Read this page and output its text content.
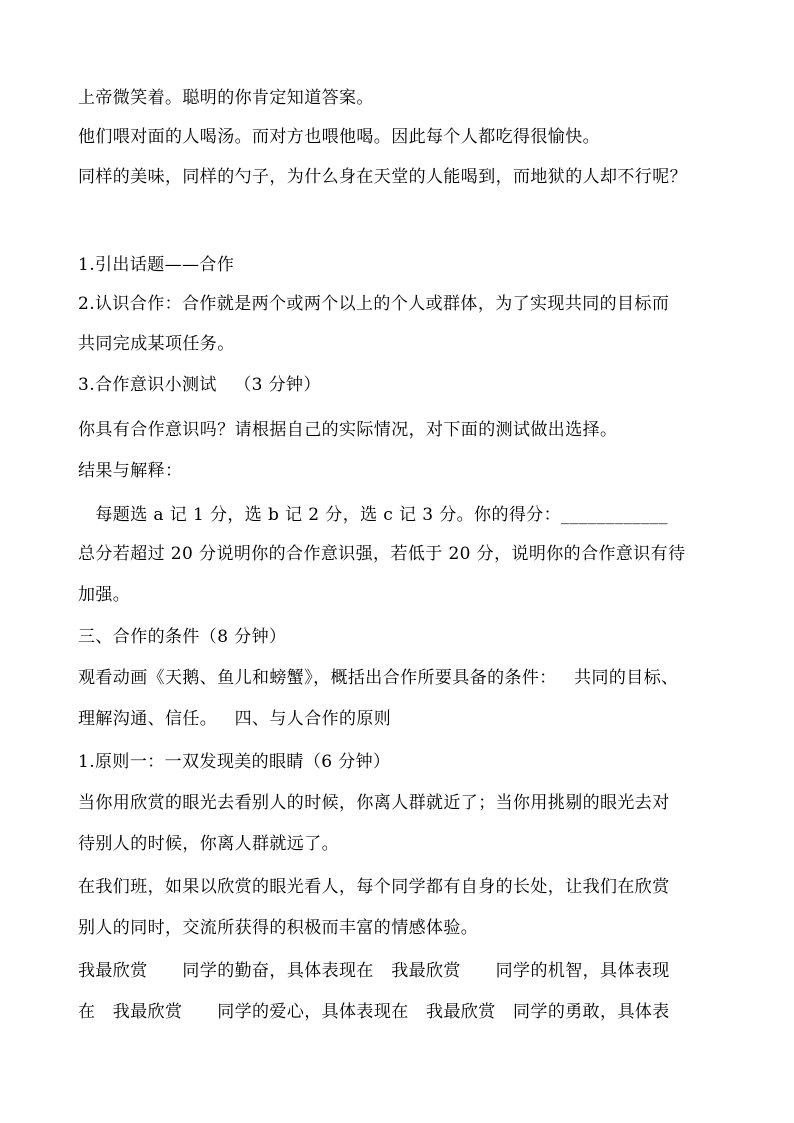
上帝微笑着。聪明的你肯定知道答案。
他们喂对面的人喝汤。而对方也喂他喝。因此每个人都吃得很愉快。
同样的美味，同样的勺子，为什么身在天堂的人能喝到，而地狱的人却不行呢？
1.引出话题——合作
2.认识合作：合作就是两个或两个以上的个人或群体，为了实现共同的目标而
共同完成某项任务。
3.合作意识小测试   （3 分钟）
你具有合作意识吗？请根据自己的实际情况，对下面的测试做出选择。
结果与解释：
每题选 a 记 1 分，选 b 记 2 分，选 c 记 3 分。你的得分：____________
总分若超过 20 分说明你的合作意识强，若低于 20 分，说明你的合作意识有待
加强。
三、合作的条件（8 分钟）
观看动画《天鹅、鱼儿和螃蟹》，概括出合作所要具备的条件：   共同的目标、
理解沟通、信任。   四、与人合作的原则
1.原则一：一双发现美的眼睛（6 分钟）
当你用欣赏的眼光去看别人的时候，你离人群就近了；当你用挑剔的眼光去对
待别人的时候，你离人群就远了。
在我们班，如果以欣赏的眼光看人，每个同学都有自身的长处，让我们在欣赏
别人的同时，交流所获得的积极而丰富的情感体验。
我最欣赏      同学的勤奋，具体表现在   我最欣赏      同学的机智，具体表现
在   我最欣赏      同学的爱心，具体表现在   我最欣赏   同学的勇敢，具体表
